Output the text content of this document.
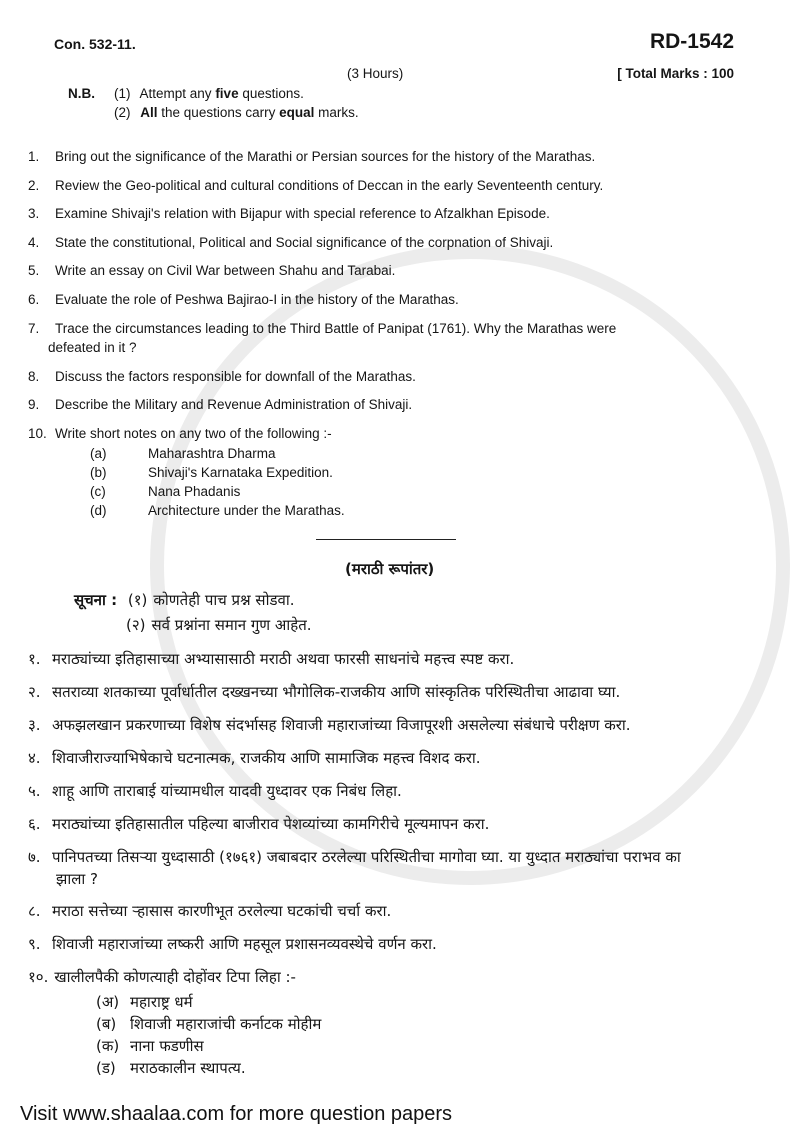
Con. 532-11.	RD-1542
(3 Hours)	[ Total Marks : 100
N.B. (1) Attempt any five questions.
(2) All the questions carry equal marks.
1. Bring out the significance of the Marathi or Persian sources for the history of the Marathas.
2. Review the Geo-political and cultural conditions of Deccan in the early Seventeenth century.
3. Examine Shivaji's relation with Bijapur with special reference to Afzalkhan Episode.
4. State the constitutional, Political and Social significance of the corpnation of Shivaji.
5. Write an essay on Civil War between Shahu and Tarabai.
6. Evaluate the role of Peshwa Bajirao-I in the history of the Marathas.
7. Trace the circumstances leading to the Third Battle of Panipat (1761). Why the Marathas were
defeated in it ?
8. Discuss the factors responsible for downfall of the Marathas.
9. Describe the Military and Revenue Administration of Shivaji.
10. Write short notes on any two of the following :-
(a)	Maharashtra Dharma
(b)	Shivaji's Karnataka Expedition.
(c)	Nana Phadanis
(d)	Architecture under the Marathas.
(मराठी रूपांतर)
सूचना : (१) कोणतेही पाच प्रश्न सोडवा.
(२) सर्व प्रश्नांना समान गुण आहेत.
१. मराठ्यांच्या इतिहासाच्या अभ्यासासाठी मराठी अथवा फारसी साधनांचे महत्त्व स्पष्ट करा.
२. सतराव्या शतकाच्या पूर्वार्धातील दख्खनच्या भौगोलिक-राजकीय आणि सांस्कृतिक परिस्थितीचा आढावा घ्या.
३. अफझलखान प्रकरणाच्या विशेष संदर्भासह शिवाजी महाराजांच्या विजापूरशी असलेल्या संबंधाचे परीक्षण करा.
४. शिवाजीराज्याभिषेकाचे घटनात्मक, राजकीय आणि सामाजिक महत्त्व विशद करा.
५. शाहू आणि ताराबाई यांच्यामधील यादवी युध्दावर एक निबंध लिहा.
६. मराठ्यांच्या इतिहासातील पहिल्या बाजीराव पेशव्यांच्या कामगिरीचे मूल्यमापन करा.
७. पानिपतच्या तिसऱ्या युध्दासाठी (१७६१) जबाबदार ठरलेल्या परिस्थितीचा मागोवा घ्या. या युध्दात मराठ्यांचा पराभव का
झाला ?
८. मराठा सत्तेच्या ऱ्हासास कारणीभूत ठरलेल्या घटकांची चर्चा करा.
९. शिवाजी महाराजांच्या लष्करी आणि महसूल प्रशासनव्यवस्थेचे वर्णन करा.
१०. खालीलपैकी कोणत्याही दोहोंवर टिपा लिहा :-
(अ) महाराष्ट्र धर्म
(ब) शिवाजी महाराजांची कर्नाटक मोहीम
(क) नाना फडणीस
(ड) मराठकालीन स्थापत्य.
Visit www.shaalaa.com for more question papers
